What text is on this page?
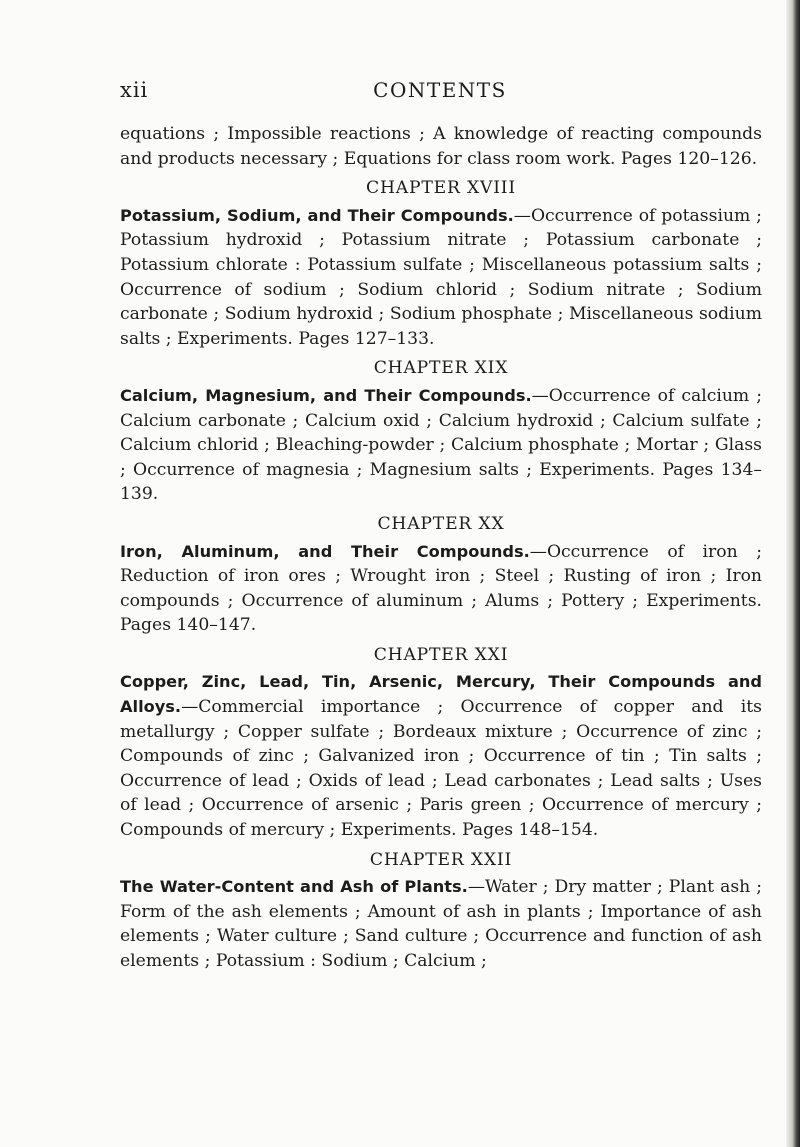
xii	CONTENTS

equations ; Impossible reactions ; A knowledge of reacting compounds and products necessary ; Equations for class room work. Pages 120–126.

CHAPTER XVIII

Potassium, Sodium, and Their Compounds.—Occurrence of potassium ; Potassium hydroxid ; Potassium nitrate ; Potassium carbonate ; Potassium chlorate : Potassium sulfate ; Miscellaneous potassium salts ; Occurrence of sodium ; Sodium chlorid ; Sodium nitrate ; Sodium carbonate ; Sodium hydroxid ; Sodium phosphate ; Miscellaneous sodium salts ; Experiments. Pages 127–133.

CHAPTER XIX

Calcium, Magnesium, and Their Compounds.—Occurrence of calcium ; Calcium carbonate ; Calcium oxid ; Calcium hydroxid ; Calcium sulfate ; Calcium chlorid ; Bleaching-powder ; Calcium phosphate ; Mortar ; Glass ; Occurrence of magnesia ; Magnesium salts ; Experiments. Pages 134–139.

CHAPTER XX

Iron, Aluminum, and Their Compounds.—Occurrence of iron ; Reduction of iron ores ; Wrought iron ; Steel ; Rusting of iron ; Iron compounds ; Occurrence of aluminum ; Alums ; Pottery ; Experiments. Pages 140–147.

CHAPTER XXI

Copper, Zinc, Lead, Tin, Arsenic, Mercury, Their Compounds and Alloys.—Commercial importance ; Occurrence of copper and its metallurgy ; Copper sulfate ; Bordeaux mixture ; Occurrence of zinc ; Compounds of zinc ; Galvanized iron ; Occurrence of tin ; Tin salts ; Occurrence of lead ; Oxids of lead ; Lead carbonates ; Lead salts ; Uses of lead ; Occurrence of arsenic ; Paris green ; Occurrence of mercury ; Compounds of mercury ; Experiments. Pages 148–154.

CHAPTER XXII

The Water-Content and Ash of Plants.—Water ; Dry matter ; Plant ash ; Form of the ash elements ; Amount of ash in plants ; Importance of ash elements ; Water culture ; Sand culture ; Occurrence and function of ash elements ; Potassium : Sodium ; Calcium ;
